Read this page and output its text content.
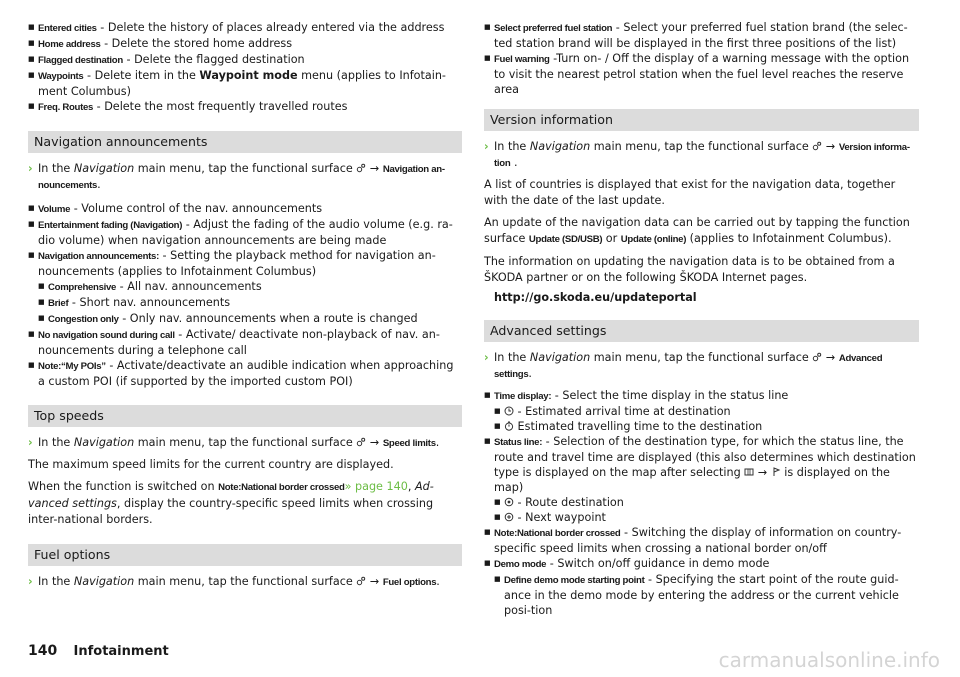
■ Entered cities - Delete the history of places already entered via the address
■ Home address - Delete the stored home address
■ Flagged destination - Delete the flagged destination
■ Waypoints - Delete item in the Waypoint mode menu (applies to Infotain-ment Columbus)
■ Freq. Routes - Delete the most frequently travelled routes
Navigation announcements
› In the Navigation main menu, tap the functional surface  → Navigation an-nouncements.
■ Volume - Volume control of the nav. announcements
■ Entertainment fading (Navigation) - Adjust the fading of the audio volume (e.g. ra-dio volume) when navigation announcements are being made
■ Navigation announcements: - Setting the playback method for navigation an-nouncements (applies to Infotainment Columbus)
■ Comprehensive - All nav. announcements
■ Brief - Short nav. announcements
■ Congestion only - Only nav. announcements when a route is changed
■ No navigation sound during call - Activate/ deactivate non-playback of nav. an-nouncements during a telephone call
■ Note:“My POIs” - Activate/deactivate an audible indication when approaching a custom POI (if supported by the imported custom POI)
Top speeds
› In the Navigation main menu, tap the functional surface  → Speed limits.

The maximum speed limits for the current country are displayed.

When the function is switched on Note:National border crossed» page 140, Ad-vanced settings, display the country-specific speed limits when crossing inter-national borders.

Fuel options
› In the Navigation main menu, tap the functional surface  → Fuel options.
■ Select preferred fuel station - Select your preferred fuel station brand (the selec-ted station brand will be displayed in the first three positions of the list)
■ Fuel warning -Turn on- / Off the display of a warning message with the option to visit the nearest petrol station when the fuel level reaches the reserve area
Version information
› In the Navigation main menu, tap the functional surface  → Version informa-tion .

A list of countries is displayed that exist for the navigation data, together with the date of the last update.

An update of the navigation data can be carried out by tapping the function surface Update (SD/USB) or Update (online) (applies to Infotainment Columbus).

The information on updating the navigation data is to be obtained from a ŠKODA partner or on the following ŠKODA Internet pages.

http://go.skoda.eu/updateportal

Advanced settings
› In the Navigation main menu, tap the functional surface  → Advanced settings.
■ Time display: - Select the time display in the status line
■ - Estimated arrival time at destination
■ Estimated travelling time to the destination
■ Status line: - Selection of the destination type, for which the status line, the route and travel time are displayed (this also determines which destination type is displayed on the map after selecting  →  is displayed on the map)
■ - Route destination
■ - Next waypoint
■ Note:National border crossed - Switching the display of information on country-specific speed limits when crossing a national border on/off
■ Demo mode - Switch on/off guidance in demo mode
■ Define demo mode starting point - Specifying the start point of the route guid-ance in the demo mode by entering the address or the current vehicle posi-tion
140 Infotainment	carmanualsonline.info
